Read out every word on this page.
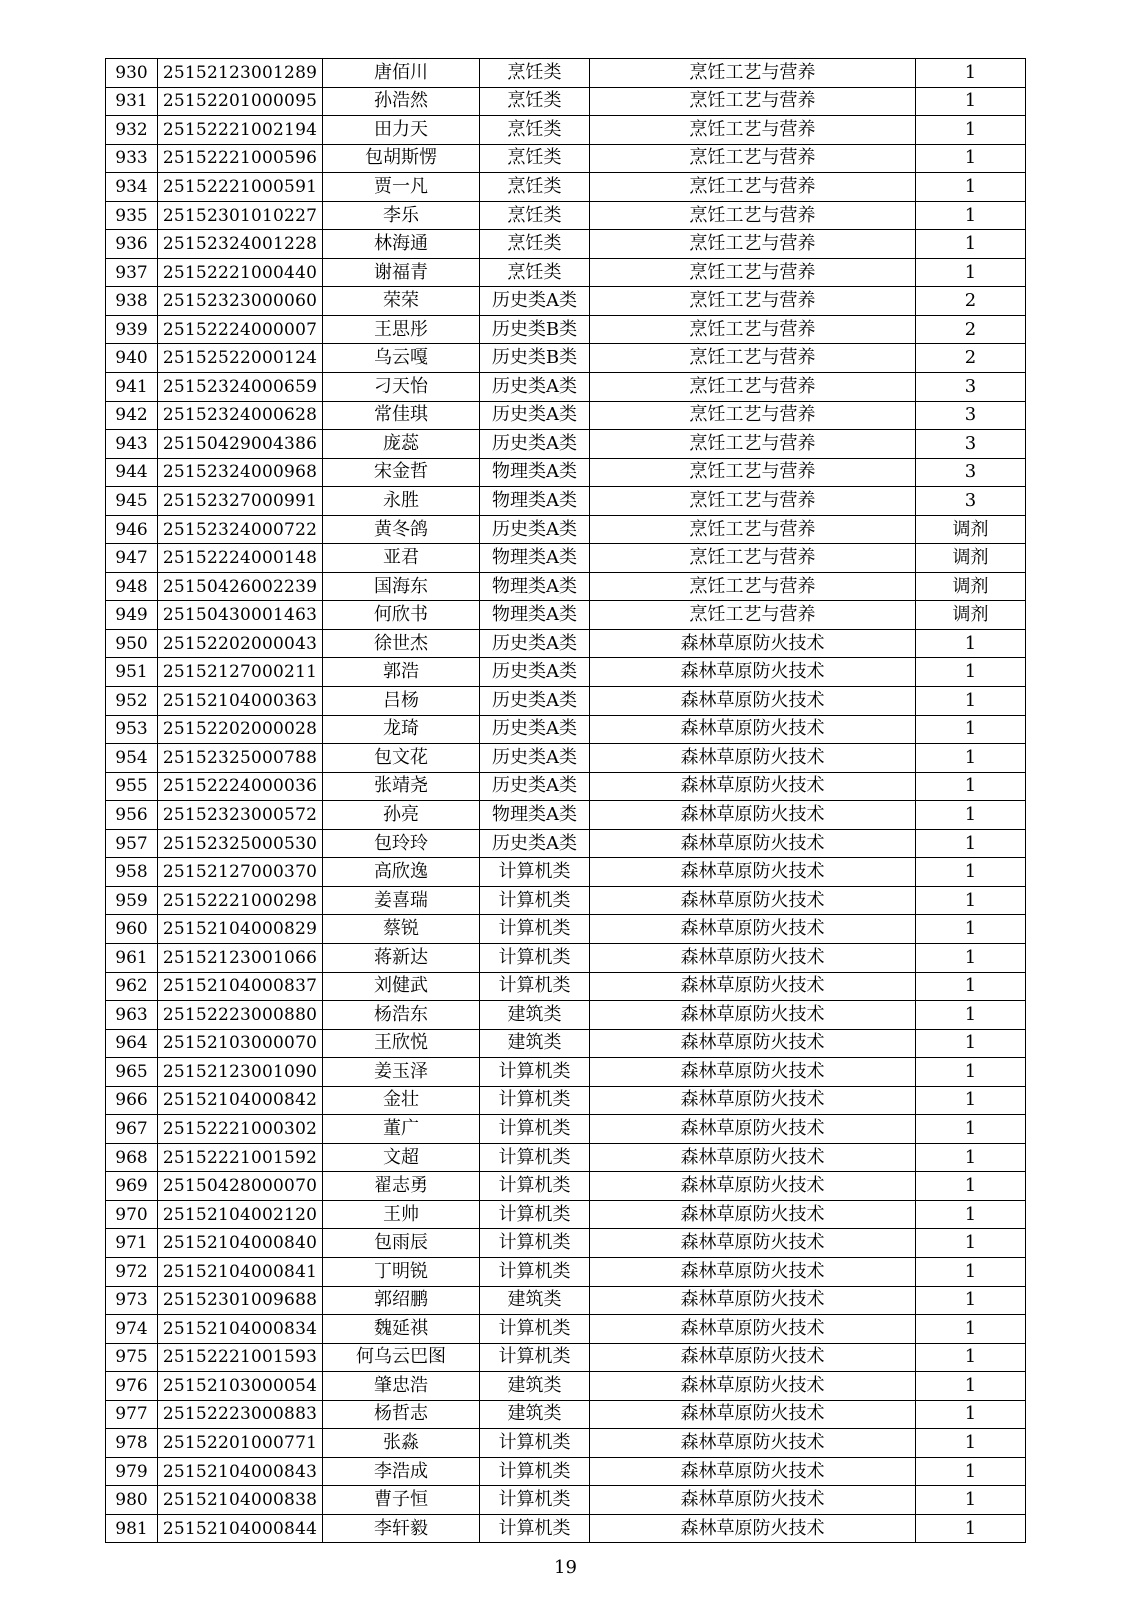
930	25152123001289	唐佰川	烹饪类	烹饪工艺与营养	1
931	25152201000095	孙浩然	烹饪类	烹饪工艺与营养	1
932	25152221002194	田力天	烹饪类	烹饪工艺与营养	1
933	25152221000596	包胡斯愣	烹饪类	烹饪工艺与营养	1
934	25152221000591	贾一凡	烹饪类	烹饪工艺与营养	1
935	25152301010227	李乐	烹饪类	烹饪工艺与营养	1
936	25152324001228	林海通	烹饪类	烹饪工艺与营养	1
937	25152221000440	谢福青	烹饪类	烹饪工艺与营养	1
938	25152323000060	荣荣	历史类A类	烹饪工艺与营养	2
939	25152224000007	王思彤	历史类B类	烹饪工艺与营养	2
940	25152522000124	乌云嘎	历史类B类	烹饪工艺与营养	2
941	25152324000659	刁天怡	历史类A类	烹饪工艺与营养	3
942	25152324000628	常佳琪	历史类A类	烹饪工艺与营养	3
943	25150429004386	庞蕊	历史类A类	烹饪工艺与营养	3
944	25152324000968	宋金哲	物理类A类	烹饪工艺与营养	3
945	25152327000991	永胜	物理类A类	烹饪工艺与营养	3
946	25152324000722	黄冬鸽	历史类A类	烹饪工艺与营养	调剂
947	25152224000148	亚君	物理类A类	烹饪工艺与营养	调剂
948	25150426002239	国海东	物理类A类	烹饪工艺与营养	调剂
949	25150430001463	何欣书	物理类A类	烹饪工艺与营养	调剂
950	25152202000043	徐世杰	历史类A类	森林草原防火技术	1
951	25152127000211	郭浩	历史类A类	森林草原防火技术	1
952	25152104000363	吕杨	历史类A类	森林草原防火技术	1
953	25152202000028	龙琦	历史类A类	森林草原防火技术	1
954	25152325000788	包文花	历史类A类	森林草原防火技术	1
955	25152224000036	张靖尧	历史类A类	森林草原防火技术	1
956	25152323000572	孙亮	物理类A类	森林草原防火技术	1
957	25152325000530	包玲玲	历史类A类	森林草原防火技术	1
958	25152127000370	高欣逸	计算机类	森林草原防火技术	1
959	25152221000298	姜喜瑞	计算机类	森林草原防火技术	1
960	25152104000829	蔡锐	计算机类	森林草原防火技术	1
961	25152123001066	蒋新达	计算机类	森林草原防火技术	1
962	25152104000837	刘健武	计算机类	森林草原防火技术	1
963	25152223000880	杨浩东	建筑类	森林草原防火技术	1
964	25152103000070	王欣悦	建筑类	森林草原防火技术	1
965	25152123001090	姜玉泽	计算机类	森林草原防火技术	1
966	25152104000842	金壮	计算机类	森林草原防火技术	1
967	25152221000302	董广	计算机类	森林草原防火技术	1
968	25152221001592	文超	计算机类	森林草原防火技术	1
969	25150428000070	翟志勇	计算机类	森林草原防火技术	1
970	25152104002120	王帅	计算机类	森林草原防火技术	1
971	25152104000840	包雨辰	计算机类	森林草原防火技术	1
972	25152104000841	丁明锐	计算机类	森林草原防火技术	1
973	25152301009688	郭绍鹏	建筑类	森林草原防火技术	1
974	25152104000834	魏延祺	计算机类	森林草原防火技术	1
975	25152221001593	何乌云巴图	计算机类	森林草原防火技术	1
976	25152103000054	肇忠浩	建筑类	森林草原防火技术	1
977	25152223000883	杨哲志	建筑类	森林草原防火技术	1
978	25152201000771	张淼	计算机类	森林草原防火技术	1
979	25152104000843	李浩成	计算机类	森林草原防火技术	1
980	25152104000838	曹子恒	计算机类	森林草原防火技术	1
981	25152104000844	李轩毅	计算机类	森林草原防火技术	1
19
